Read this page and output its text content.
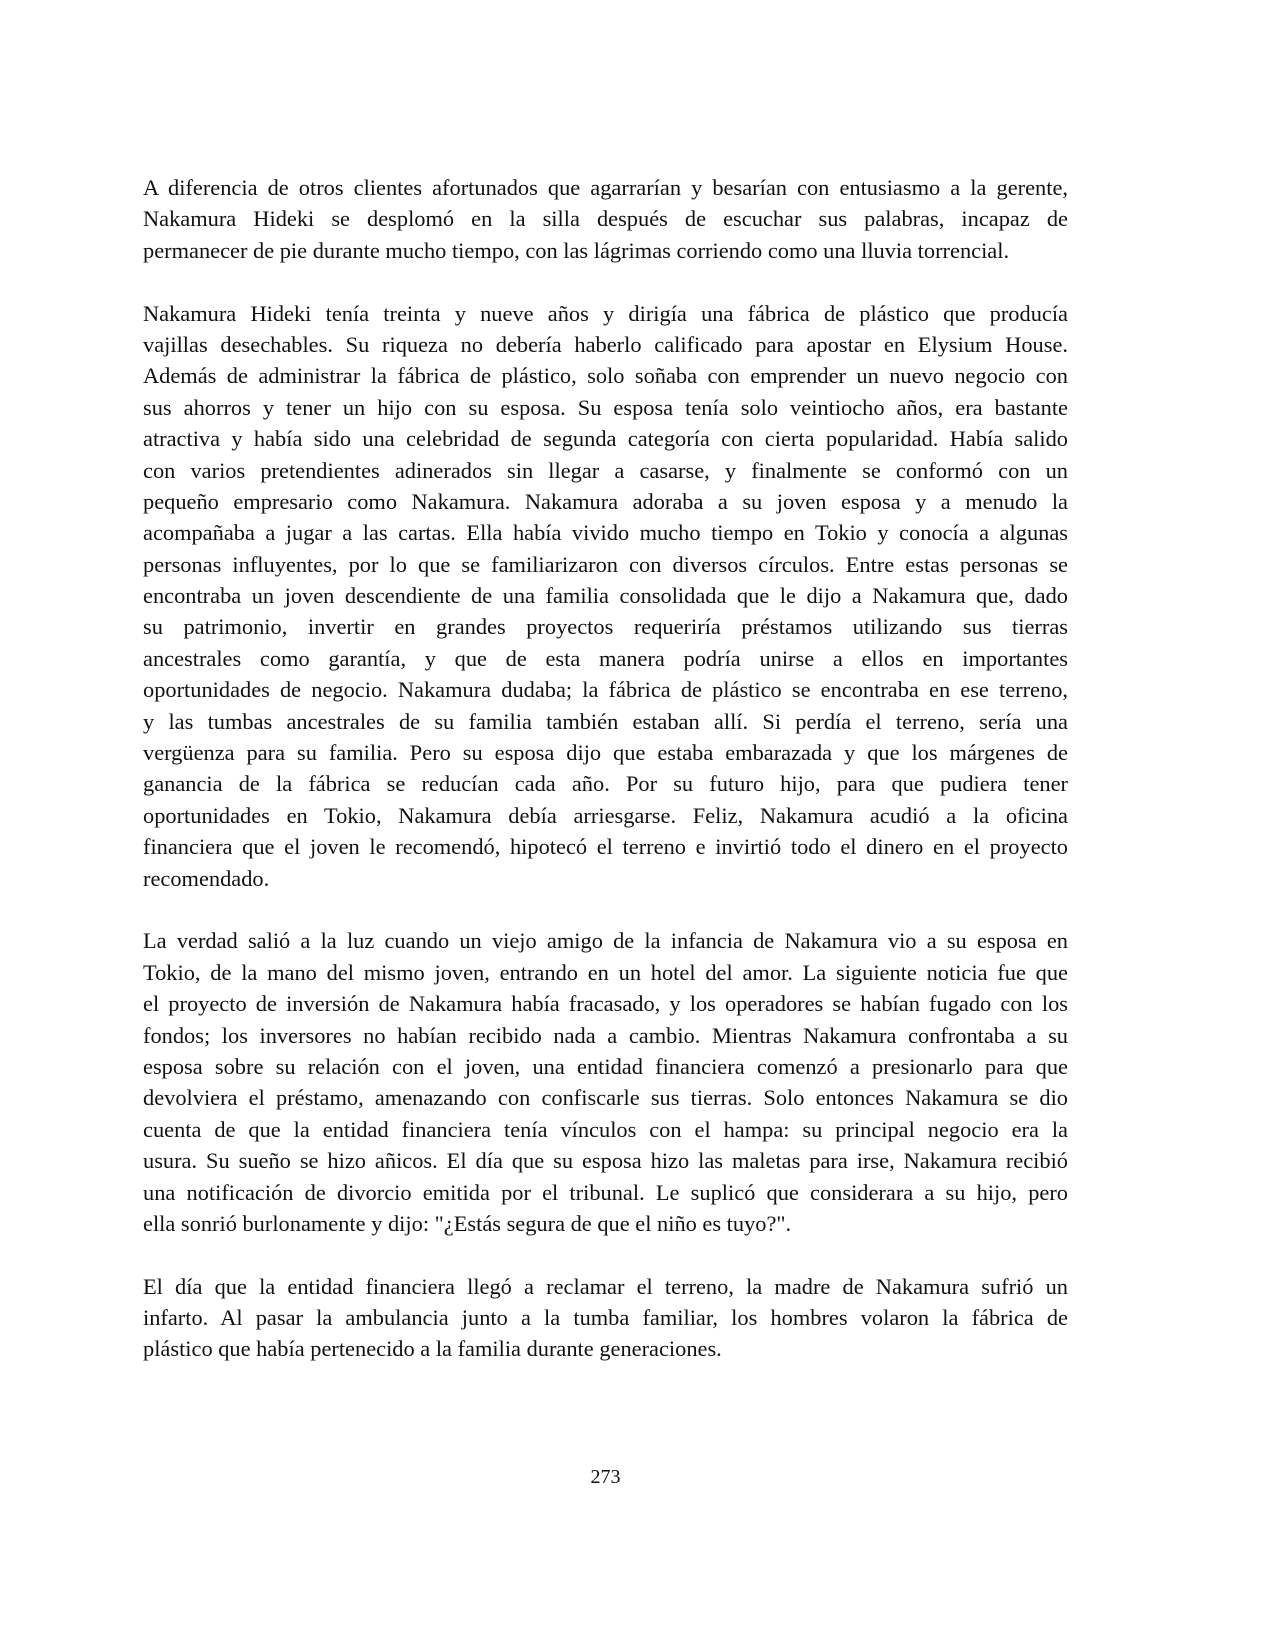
A diferencia de otros clientes afortunados que agarrarían y besarían con entusiasmo a la gerente,
Nakamura Hideki se desplomó en la silla después de escuchar sus palabras, incapaz de
permanecer de pie durante mucho tiempo, con las lágrimas corriendo como una lluvia torrencial.
Nakamura Hideki tenía treinta y nueve años y dirigía una fábrica de plástico que producía
vajillas desechables. Su riqueza no debería haberlo calificado para apostar en Elysium House.
Además de administrar la fábrica de plástico, solo soñaba con emprender un nuevo negocio con
sus ahorros y tener un hijo con su esposa. Su esposa tenía solo veintiocho años, era bastante
atractiva y había sido una celebridad de segunda categoría con cierta popularidad. Había salido
con varios pretendientes adinerados sin llegar a casarse, y finalmente se conformó con un
pequeño empresario como Nakamura. Nakamura adoraba a su joven esposa y a menudo la
acompañaba a jugar a las cartas. Ella había vivido mucho tiempo en Tokio y conocía a algunas
personas influyentes, por lo que se familiarizaron con diversos círculos. Entre estas personas se
encontraba un joven descendiente de una familia consolidada que le dijo a Nakamura que, dado
su patrimonio, invertir en grandes proyectos requeriría préstamos utilizando sus tierras
ancestrales como garantía, y que de esta manera podría unirse a ellos en importantes
oportunidades de negocio. Nakamura dudaba; la fábrica de plástico se encontraba en ese terreno,
y las tumbas ancestrales de su familia también estaban allí. Si perdía el terreno, sería una
vergüenza para su familia. Pero su esposa dijo que estaba embarazada y que los márgenes de
ganancia de la fábrica se reducían cada año. Por su futuro hijo, para que pudiera tener
oportunidades en Tokio, Nakamura debía arriesgarse. Feliz, Nakamura acudió a la oficina
financiera que el joven le recomendó, hipotecó el terreno e invirtió todo el dinero en el proyecto
recomendado.
La verdad salió a la luz cuando un viejo amigo de la infancia de Nakamura vio a su esposa en
Tokio, de la mano del mismo joven, entrando en un hotel del amor. La siguiente noticia fue que
el proyecto de inversión de Nakamura había fracasado, y los operadores se habían fugado con los
fondos; los inversores no habían recibido nada a cambio. Mientras Nakamura confrontaba a su
esposa sobre su relación con el joven, una entidad financiera comenzó a presionarlo para que
devolviera el préstamo, amenazando con confiscarle sus tierras. Solo entonces Nakamura se dio
cuenta de que la entidad financiera tenía vínculos con el hampa: su principal negocio era la
usura. Su sueño se hizo añicos. El día que su esposa hizo las maletas para irse, Nakamura recibió
una notificación de divorcio emitida por el tribunal. Le suplicó que considerara a su hijo, pero
ella sonrió burlonamente y dijo: "¿Estás segura de que el niño es tuyo?".
El día que la entidad financiera llegó a reclamar el terreno, la madre de Nakamura sufrió un
infarto. Al pasar la ambulancia junto a la tumba familiar, los hombres volaron la fábrica de
plástico que había pertenecido a la familia durante generaciones.
273
